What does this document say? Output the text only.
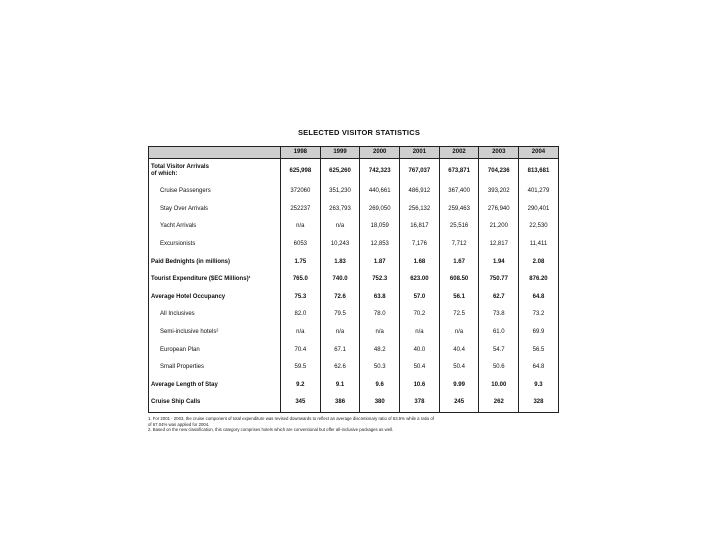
SELECTED VISITOR STATISTICS
	1998	1999	2000	2001	2002	2003	2004
Total Visitor Arrivals
of which:	625,998	625,260	742,323	767,037	673,871	704,236	813,681
Cruise Passengers	372060	351,230	440,661	486,912	367,400	393,202	401,279
Stay Over Arrivals	252237	263,793	269,050	256,132	259,463	276,940	290,401
Yacht Arrivals	n/a	n/a	18,059	16,817	25,516	21,200	22,530
Excursionists	6053	10,243	12,853	7,176	7,712	12,817	11,411
Paid Bednights (in millions)	1.75	1.83	1.87	1.68	1.67	1.94	2.08
Tourist Expenditure ($EC Millions)¹	765.0	740.0	752.3	623.00	608.50	750.77	876.20
Average Hotel Occupancy	75.3	72.6	63.8	57.0	56.1	62.7	64.8
All Inclusives	82.0	79.5	78.0	70.2	72.5	73.8	73.2
Semi-inclusive hotels²	n/a	n/a	n/a	n/a	n/a	61.0	69.9
European Plan	70.4	67.1	48.2	40.0	40.4	54.7	56.5
Small Properties	59.5	62.6	50.3	50.4	50.4	50.6	64.8
Average Length of Stay	9.2	9.1	9.6	10.6	9.99	10.00	9.3
Cruise Ship Calls	345	386	380	378	245	262	328
1. For 2001 - 2003, the cruise component of total expenditure was revised downwards to reflect an average discretionary ratio of 53.5% while a ratio of
of 67.04% was applied for 2004.
2. Based on the new classification, this category comprises hotels which are conventional but offer all-inclusive packages as well.
